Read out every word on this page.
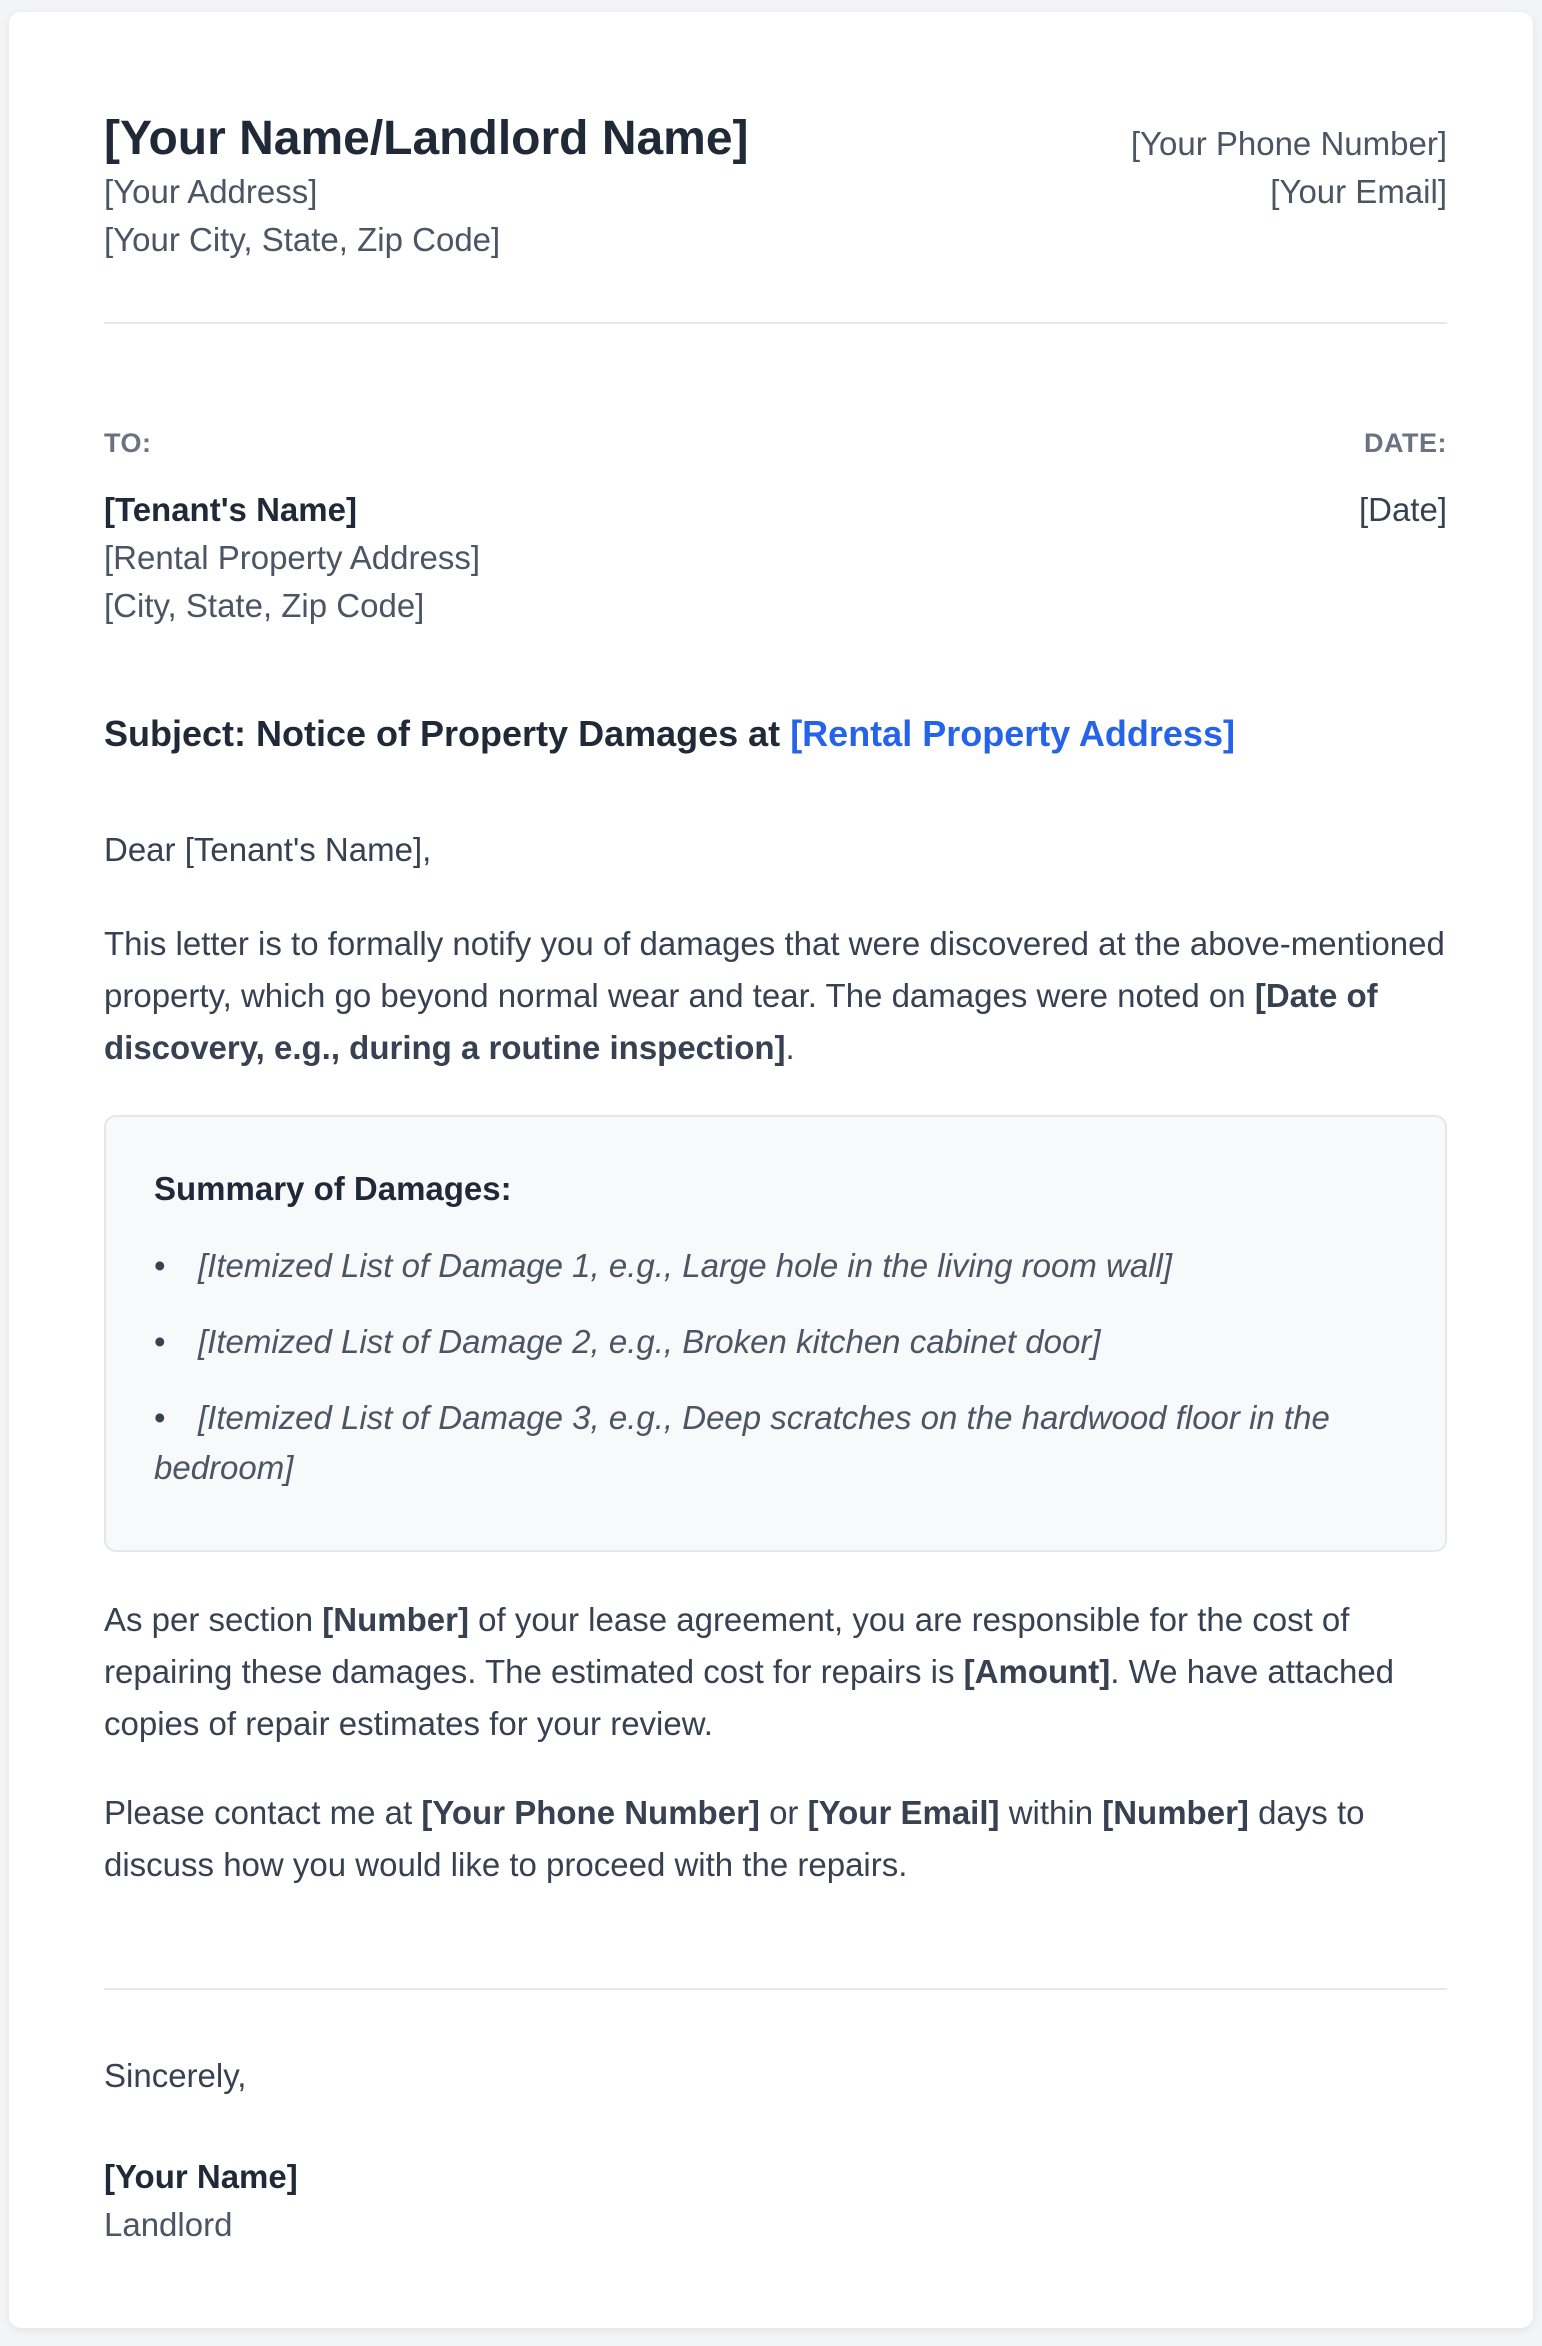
[Your Name/Landlord Name]
[Your Address]
[Your City, State, Zip Code]
[Your Phone Number]
[Your Email]
TO:
[Tenant's Name]
[Rental Property Address]
[City, State, Zip Code]
DATE:
[Date]
Subject: Notice of Property Damages at [Rental Property Address]
Dear [Tenant's Name],
This letter is to formally notify you of damages that were discovered at the above-mentioned property, which go beyond normal wear and tear. The damages were noted on [Date of discovery, e.g., during a routine inspection].
Summary of Damages:
• [Itemized List of Damage 1, e.g., Large hole in the living room wall]
• [Itemized List of Damage 2, e.g., Broken kitchen cabinet door]
• [Itemized List of Damage 3, e.g., Deep scratches on the hardwood floor in the bedroom]
As per section [Number] of your lease agreement, you are responsible for the cost of repairing these damages. The estimated cost for repairs is [Amount]. We have attached copies of repair estimates for your review.
Please contact me at [Your Phone Number] or [Your Email] within [Number] days to discuss how you would like to proceed with the repairs.
Sincerely,
[Your Name]
Landlord
